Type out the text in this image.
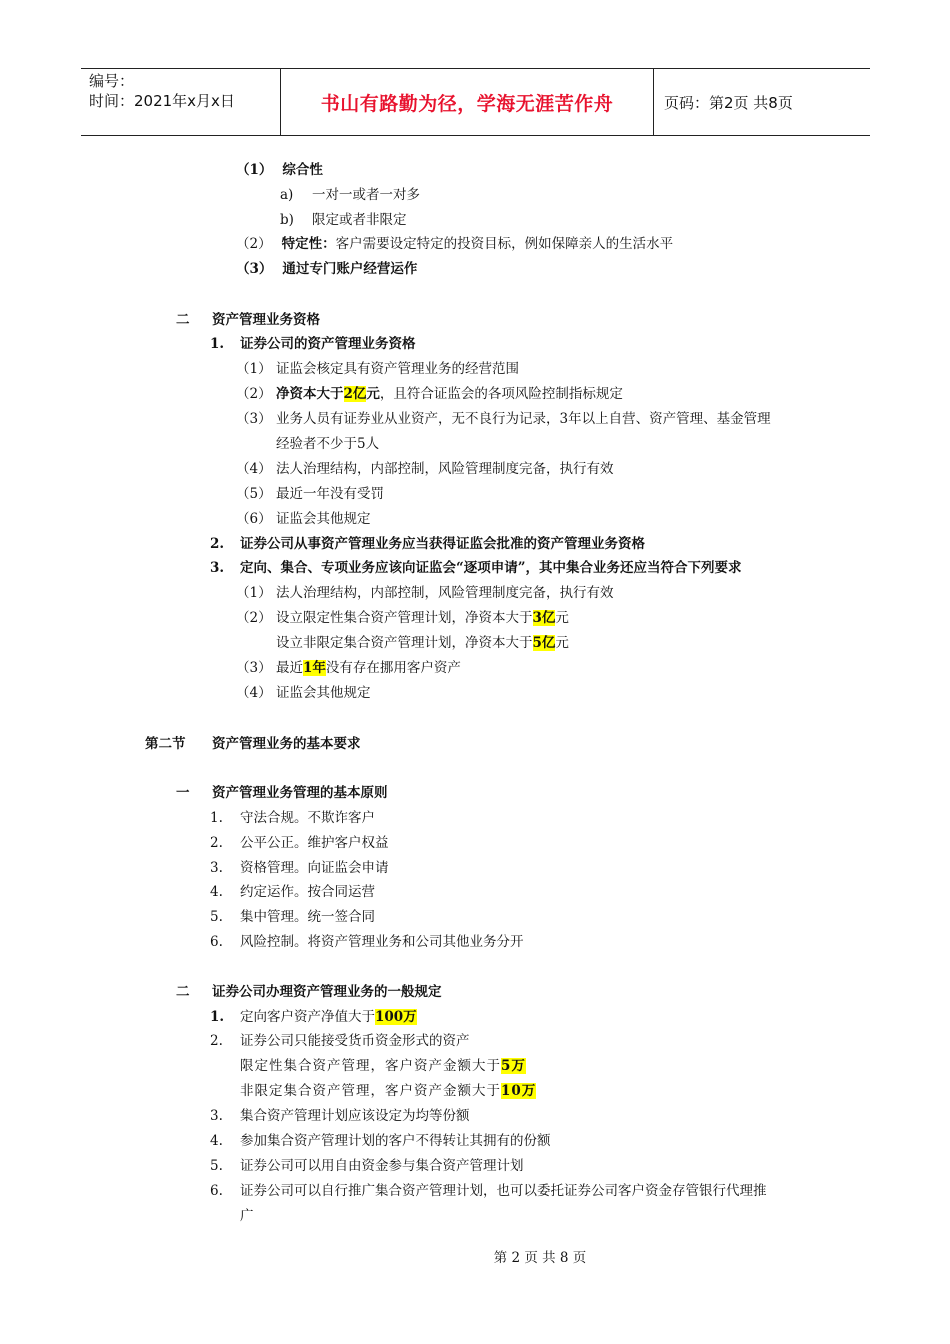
编号：
时间：2021年x月x日	书山有路勤为径，学海无涯苦作舟	页码：第2页 共8页
（1） 综合性
a) 一对一或者一对多
b) 限定或者非限定
（2） 特定性：客户需要设定特定的投资目标，例如保障亲人的生活水平
（3） 通过专门账户经营运作
二 资产管理业务资格
1. 证券公司的资产管理业务资格
（1） 证监会核定具有资产管理业务的经营范围
（2） 净资本大于2亿元，且符合证监会的各项风险控制指标规定
（3） 业务人员有证券业从业资产，无不良行为记录，3年以上自营、资产管理、基金管理
经验者不少于5人
（4） 法人治理结构，内部控制，风险管理制度完备，执行有效
（5） 最近一年没有受罚
（6） 证监会其他规定
2. 证券公司从事资产管理业务应当获得证监会批准的资产管理业务资格
3. 定向、集合、专项业务应该向证监会“逐项申请”，其中集合业务还应当符合下列要求
（1） 法人治理结构，内部控制，风险管理制度完备，执行有效
（2） 设立限定性集合资产管理计划，净资本大于3亿元
设立非限定集合资产管理计划，净资本大于5亿元
（3） 最近1年没有存在挪用客户资产
（4） 证监会其他规定
第二节 资产管理业务的基本要求
一 资产管理业务管理的基本原则
1. 守法合规。不欺诈客户
2. 公平公正。维护客户权益
3. 资格管理。向证监会申请
4. 约定运作。按合同运营
5. 集中管理。统一签合同
6. 风险控制。将资产管理业务和公司其他业务分开
二 证券公司办理资产管理业务的一般规定
1. 定向客户资产净值大于100万
2. 证券公司只能接受货币资金形式的资产
限定性集合资产管理，客户资产金额大于5万
非限定集合资产管理，客户资产金额大于10万
3. 集合资产管理计划应该设定为均等份额
4. 参加集合资产管理计划的客户不得转让其拥有的份额
5. 证券公司可以用自由资金参与集合资产管理计划
6. 证券公司可以自行推广集合资产管理计划，也可以委托证券公司客户资金存管银行代理推
广
第 2 页 共 8 页
